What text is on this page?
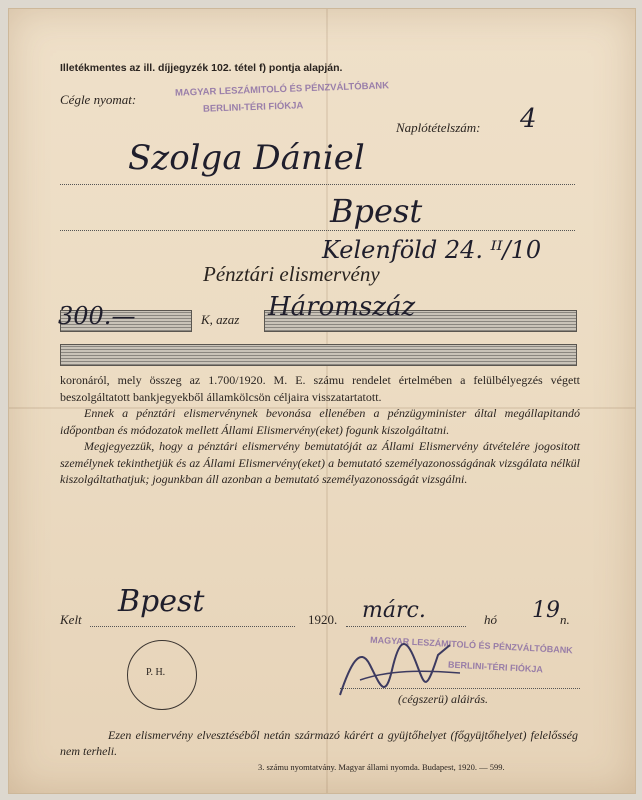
Illetékmentes az ill. díjjegyzék 102. tétel f) pontja alapján.
Cégle nyomat:
MAGYAR LESZÁMITOLÓ ÉS PÉNZVÁLTÓBANK
BERLINI-TÉRI FIÓKJA
Naplótételszám: 4
Szolga Dániel
Bpest
Kelenföld 24. ᴵᴵ/10
Pénztári elismervény
300.—	K, azaz Háromszáz

koronáról, mely összeg az 1.700/1920. M. E. számu rendelet értelmében a felülbélyegzés végett beszolgáltatott bankjegyekből államkölcsön céljaira visszatartatott.

Ennek a pénztári elismervénynek bevonása ellenében a pénzügyminister által megállapitandó időpontban és módozatok mellett Állami Elismervény(eket) fogunk kiszolgáltatni.

Megjegyezzük, hogy a pénztári elismervény bemutatóját az Állami Elismervény átvételére jogositott személynek tekinthetjük és az Állami Elismervény(eket) a bemutató személyazonosságának vizsgálata nélkül kiszolgáltathatjuk; jogunkban áll azonban a bemutató személyazonosságát vizsgálni.

Kelt
Bpest
1920. márc.	hó 19 n.
P. H.
MAGYAR LESZÁMITOLÓ ÉS PÉNZVÁLTÓBANK
BERLINI-TÉRI FIÓKJA
(cégszerü) aláirás.
Ezen elismervény elvesztéséből netán származó kárért a gyüjtőhelyet (főgyüjtőhelyet) felelősség nem terheli.
3. számu nyomtatvány. Magyar állami nyomda. Budapest, 1920. — 599.
